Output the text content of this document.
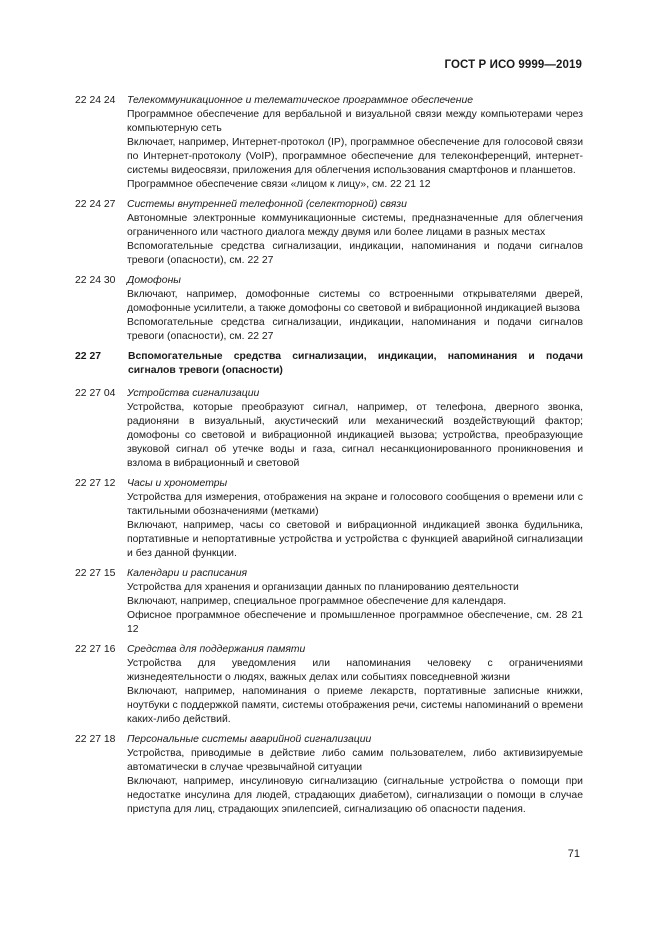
ГОСТ Р ИСО 9999—2019
22 24 24	Телекоммуникационное и телематическое программное обеспечение

Программное обеспечение для вербальной и визуальной связи между компьютерами через компьютерную сеть

Включает, например, Интернет-протокол (IP), программное обеспечение для голосовой связи по Интернет-протоколу (VoIP), программное обеспечение для телеконференций, интернет-системы видеосвязи, приложения для облегчения использования смартфонов и планшетов.

Программное обеспечение связи «лицом к лицу», см. 22 21 12

22 24 27	Системы внутренней телефонной (селекторной) связи

Автономные электронные коммуникационные системы, предназначенные для облегчения ограниченного или частного диалога между двумя или более лицами в разных местах

Вспомогательные средства сигнализации, индикации, напоминания и подачи сигналов тревоги (опасности), см. 22 27

22 24 30	Домофоны

Включают, например, домофонные системы со встроенными открывателями дверей, домофонные усилители, а также домофоны со световой и вибрационной индикацией вызова

Вспомогательные средства сигнализации, индикации, напоминания и подачи сигналов тревоги (опасности), см. 22 27

22 27	Вспомогательные средства сигнализации, индикации, напоминания и подачи сигналов тревоги (опасности)

22 27 04	Устройства сигнализации

Устройства, которые преобразуют сигнал, например, от телефона, дверного звонка, радионяни в визуальный, акустический или механический воздействующий фактор; домофоны со световой и вибрационной индикацией вызова; устройства, преобразующие звуковой сигнал об утечке воды и газа, сигнал несанкционированного проникновения и взлома в вибрационный и световой

22 27 12	Часы и хронометры

Устройства для измерения, отображения на экране и голосового сообщения о времени или с тактильными обозначениями (метками)

Включают, например, часы со световой и вибрационной индикацией звонка будильника, портативные и непортативные устройства и устройства с функцией аварийной сигнализации и без данной функции.

22 27 15	Календари и расписания

Устройства для хранения и организации данных по планированию деятельности

Включают, например, специальное программное обеспечение для календаря.

Офисное программное обеспечение и промышленное программное обеспечение, см. 28 21 12

22 27 16	Средства для поддержания памяти

Устройства для уведомления или напоминания человеку с ограничениями жизнедеятельности о людях, важных делах или событиях повседневной жизни

Включают, например, напоминания о приеме лекарств, портативные записные книжки, ноутбуки с поддержкой памяти, системы отображения речи, системы напоминаний о времени каких-либо действий.

22 27 18	Персональные системы аварийной сигнализации

Устройства, приводимые в действие либо самим пользователем, либо активизируемые автоматически в случае чрезвычайной ситуации

Включают, например, инсулиновую сигнализацию (сигнальные устройства о помощи при недостатке инсулина для людей, страдающих диабетом), сигнализации о помощи в случае приступа для лиц, страдающих эпилепсией, сигнализацию об опасности падения.

71
